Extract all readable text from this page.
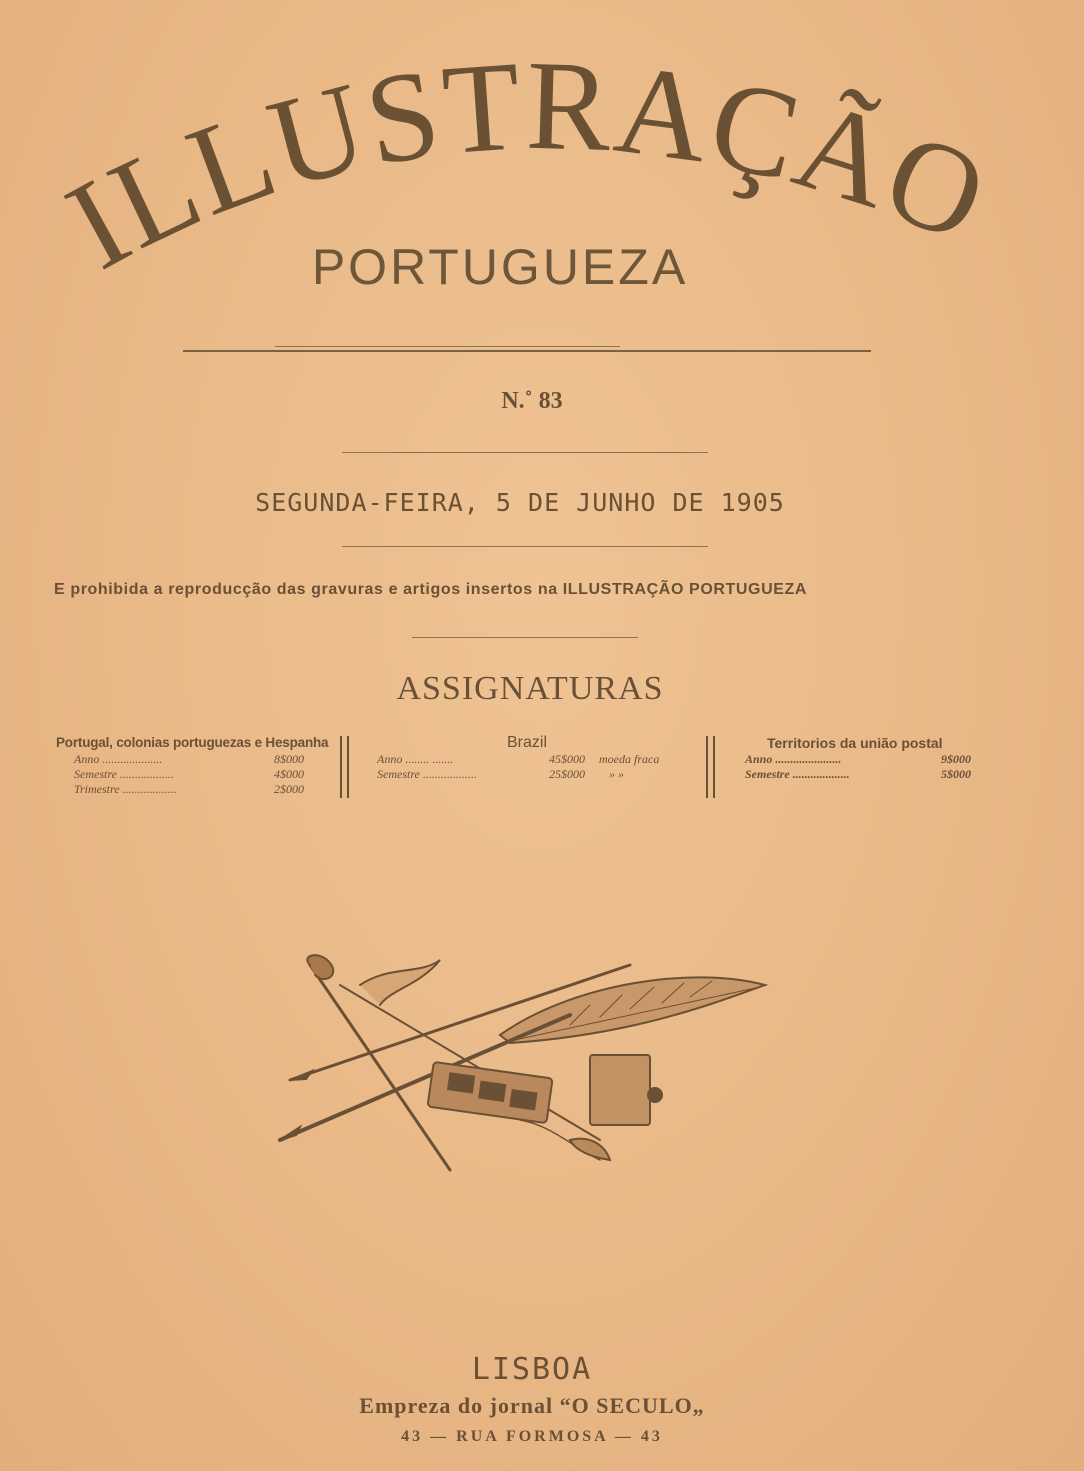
ILLUSTRAÇÃO
PORTUGUEZA
N.˚ 83
SEGUNDA-FEIRA, 5 DE JUNHO DE 1905
E prohibida a reproducção das gravuras e artigos insertos na ILLUSTRAÇÃO PORTUGUEZA
ASSIGNATURAS
Portugal, colonias portuguezas e Hespanha
Anno ....................	8$000
Semestre ..................	4$000
Trimestre ..................	2$000
Brazil
Anno ........ .......	45$000 moeda fraca
Semestre ..................	25$000 » »
Territorios da união postal
Anno ......................	9$000
Semestre ...................	5$000
LISBOA
Empreza do jornal “O SECULO„
43 — RUA FORMOSA — 43
